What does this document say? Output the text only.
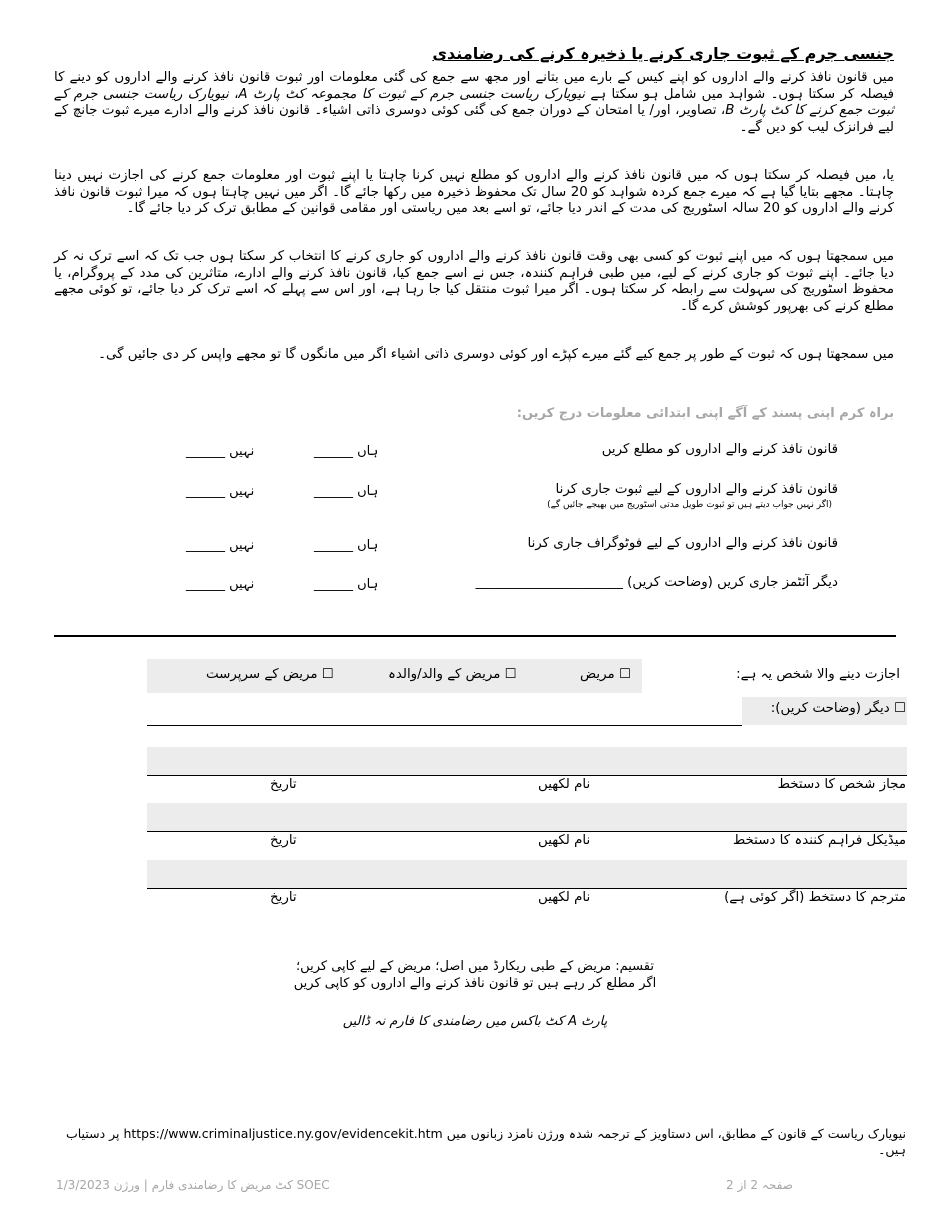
جنسی جرم کے ثبوت جاری کرنے یا ذخیرہ کرنے کی رضامندی

میں قانون نافذ کرنے والے اداروں کو اپنے کیس کے بارے میں بتانے اور مجھ سے جمع کی گئی معلومات اور ثبوت قانون نافذ کرنے والے اداروں کو دینے کا فیصلہ کر سکتا ہوں۔ شواہد میں شامل ہو سکتا ہے نیویارک ریاست جنسی جرم کے ثبوت کا مجموعہ کٹ پارٹ A، نیویارک ریاست جنسی جرم کے ثبوت جمع کرنے کا کٹ پارٹ B، تصاویر، اور/ یا امتحان کے دوران جمع کی گئی کوئی دوسری ذاتی اشیاء۔ قانون نافذ کرنے والے ادارے میرے ثبوت جانچ کے لیے فرانزک لیب کو دیں گے۔

یا، میں فیصلہ کر سکتا ہوں کہ میں قانون نافذ کرنے والے اداروں کو مطلع نہیں کرنا چاہتا یا اپنے ثبوت اور معلومات جمع کرنے کی اجازت نہیں دینا چاہتا۔ مجھے بتایا گیا ہے کہ میرے جمع کردہ شواہد کو 20 سال تک محفوظ ذخیرہ میں رکھا جائے گا۔ اگر میں نہیں چاہتا ہوں کہ میرا ثبوت قانون نافذ کرنے والے اداروں کو 20 سالہ اسٹوریج کی مدت کے اندر دیا جائے، تو اسے بعد میں ریاستی اور مقامی قوانین کے مطابق ترک کر دیا جائے گا۔

میں سمجھتا ہوں کہ میں اپنے ثبوت کو کسی بھی وقت قانون نافذ کرنے والے اداروں کو جاری کرنے کا انتخاب کر سکتا ہوں جب تک کہ اسے ترک نہ کر دیا جائے۔ اپنے ثبوت کو جاری کرنے کے لیے، میں طبی فراہم کنندہ، جس نے اسے جمع کیا، قانون نافذ کرنے والے ادارے، متاثرین کی مدد کے پروگرام، یا محفوظ اسٹوریج کی سہولت سے رابطہ کر سکتا ہوں۔ اگر میرا ثبوت منتقل کیا جا رہا ہے، اور اس سے پہلے کہ اسے ترک کر دیا جائے، تو کوئی مجھے مطلع کرنے کی بھرپور کوشش کرے گا۔

میں سمجھتا ہوں کہ ثبوت کے طور پر جمع کیے گئے میرے کپڑے اور کوئی دوسری ذاتی اشیاء اگر میں مانگوں گا تو مجھے واپس کر دی جائیں گی۔

براہ کرم اپنی پسند کے آگے اپنی ابتدائی معلومات درج کریں:
قانون نافذ کرنے والے اداروں کو مطلع کریں
ہاں ______
نہیں ______
قانون نافذ کرنے والے اداروں کے لیے ثبوت جاری کرنا
(اگر نہیں جواب دیتے ہیں تو ثبوت طویل مدتی اسٹوریج میں بھیجے جائیں گے)
ہاں ______
نہیں ______
قانون نافذ کرنے والے اداروں کے لیے فوٹوگراف جاری کرنا
ہاں ______
نہیں ______
دیگر آئٹمز جاری کریں (وضاحت کریں) ______________________
ہاں ______
نہیں ______
اجازت دینے والا شخص یہ ہے:
☐ مریض
☐ مریض کے والد/والدہ
☐ مریض کے سرپرست
☐ دیگر (وضاحت کریں):
مجاز شخص کا دستخط
نام لکھیں
تاریخ
میڈیکل فراہم کنندہ کا دستخط
نام لکھیں
تاریخ
مترجم کا دستخط (اگر کوئی ہے)
نام لکھیں
تاریخ
تقسیم: مریض کے طبی ریکارڈ میں اصل؛ مریض کے لیے کاپی کریں؛
اگر مطلع کر رہے ہیں تو قانون نافذ کرنے والے اداروں کو کاپی کریں
پارٹ A کٹ باکس میں رضامندی کا فارم نہ ڈالیں
نیویارک ریاست کے قانون کے مطابق، اس دستاویز کے ترجمہ شدہ ورژن نامزد زبانوں میں https://www.criminaljustice.ny.gov/evidencekit.htm پر دستیاب ہیں۔
SOEC کٹ مریض کا رضامندی فارم | ورژن 1/3/2023	صفحہ 2 از 2
